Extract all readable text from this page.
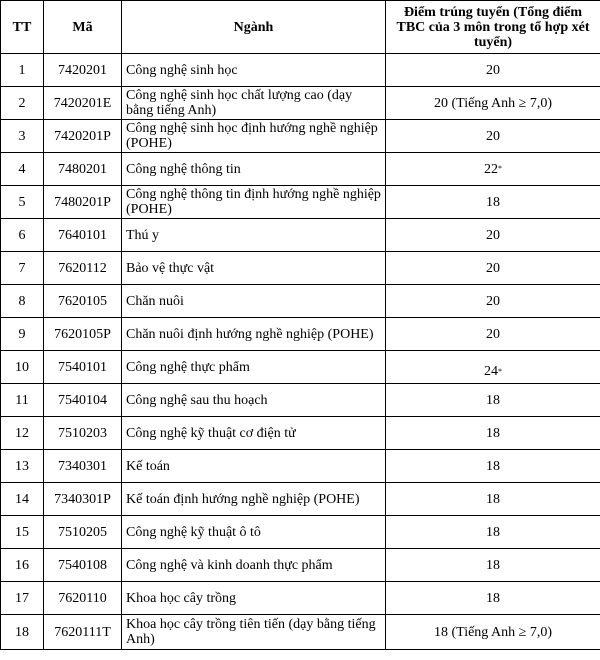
TT	Mã	Ngành	Điểm trúng tuyển (Tổng điểm TBC của 3 môn trong tổ hợp xét tuyển)
1	7420201	Công nghệ sinh học	20
2	7420201E	Công nghệ sinh học chất lượng cao (dạy bằng tiếng Anh)	20 (Tiếng Anh ≥ 7,0)
3	7420201P	Công nghệ sinh học định hướng nghề nghiệp (POHE)	20
4	7480201	Công nghệ thông tin	22*
5	7480201P	Công nghệ thông tin định hướng nghề nghiệp (POHE)	18
6	7640101	Thú y	20
7	7620112	Bảo vệ thực vật	20
8	7620105	Chăn nuôi	20
9	7620105P	Chăn nuôi định hướng nghề nghiệp (POHE)	20
10	7540101	Công nghệ thực phẩm	24*
11	7540104	Công nghệ sau thu hoạch	18
12	7510203	Công nghệ kỹ thuật cơ điện tử	18
13	7340301	Kế toán	18
14	7340301P	Kế toán định hướng nghề nghiệp (POHE)	18
15	7510205	Công nghệ kỹ thuật ô tô	18
16	7540108	Công nghệ và kinh doanh thực phẩm	18
17	7620110	Khoa học cây trồng	18
18	7620111T	Khoa học cây trồng tiên tiến (dạy bằng tiếng Anh)	18 (Tiếng Anh ≥ 7,0)
